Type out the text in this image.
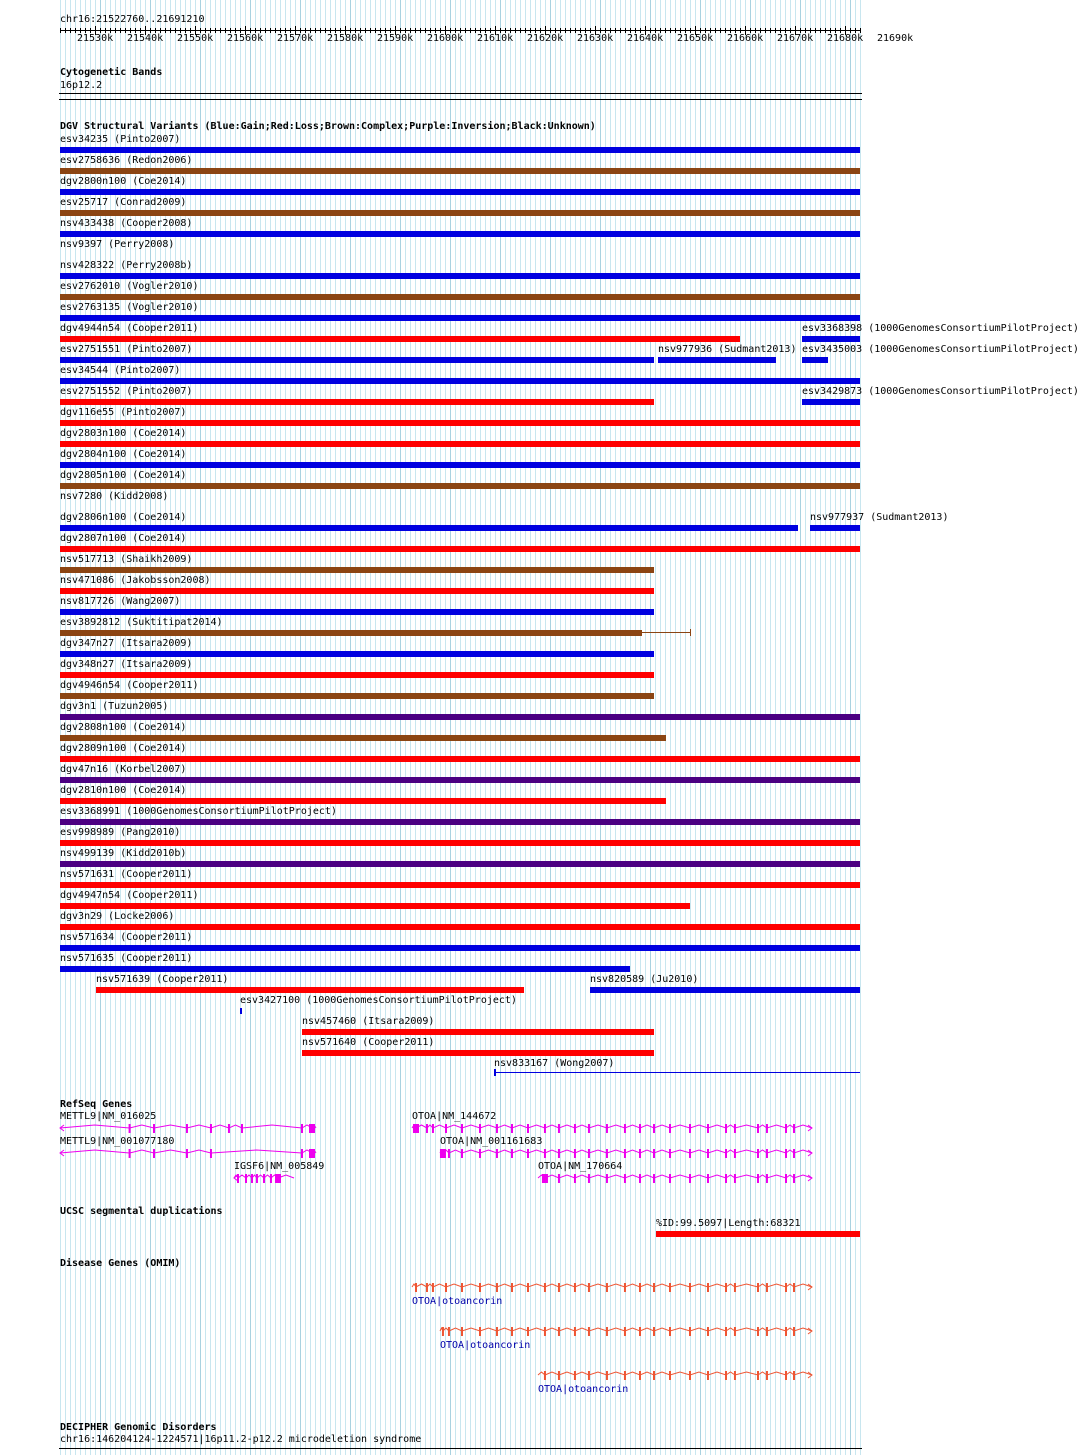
chr16:21522760..21691210
21530k 21540k 21550k 21560k 21570k 21580k 21590k 21600k 21610k 21620k 21630k 21640k 21650k 21660k 21670k 21680k 21690k
Cytogenetic Bands
16p12.2
DGV Structural Variants (Blue:Gain;Red:Loss;Brown:Complex;Purple:Inversion;Black:Unknown)
esv34235 (Pinto2007)
esv2758636 (Redon2006)
dgv2800n100 (Coe2014)
esv25717 (Conrad2009)
nsv433438 (Cooper2008)
nsv9397 (Perry2008)
nsv428322 (Perry2008b)
esv2762010 (Vogler2010)
esv2763135 (Vogler2010)
dgv4944n54 (Cooper2011)	esv3368398 (1000GenomesConsortiumPilotProject)
esv2751551 (Pinto2007)	nsv977936 (Sudmant2013) esv3435003 (1000GenomesConsortiumPilotProject)
esv34544 (Pinto2007)
esv2751552 (Pinto2007)	esv3429873 (1000GenomesConsortiumPilotProject)
dgv116e55 (Pinto2007)
dgv2803n100 (Coe2014)
dgv2804n100 (Coe2014)
dgv2805n100 (Coe2014)
nsv7280 (Kidd2008)
dgv2806n100 (Coe2014)	nsv977937 (Sudmant2013)
dgv2807n100 (Coe2014)
nsv517713 (Shaikh2009)
nsv471086 (Jakobsson2008)
nsv817726 (Wang2007)
esv3892812 (Suktitipat2014)
dgv347n27 (Itsara2009)
dgv348n27 (Itsara2009)
dgv4946n54 (Cooper2011)
dgv3n1 (Tuzun2005)
dgv2808n100 (Coe2014)
dgv2809n100 (Coe2014)
dgv47n16 (Korbel2007)
dgv2810n100 (Coe2014)
esv3368991 (1000GenomesConsortiumPilotProject)
esv998989 (Pang2010)
nsv499139 (Kidd2010b)
nsv571631 (Cooper2011)
dgv4947n54 (Cooper2011)
dgv3n29 (Locke2006)
nsv571634 (Cooper2011)
nsv571635 (Cooper2011)
nsv571639 (Cooper2011)	nsv820589 (Ju2010)
esv3427100 (1000GenomesConsortiumPilotProject)
nsv457460 (Itsara2009)
nsv571640 (Cooper2011)
nsv833167 (Wong2007)
RefSeq Genes
METTL9|NM_016025
METTL9|NM_001077180
IGSF6|NM_005849
OTOA|NM_144672
OTOA|NM_001161683
OTOA|NM_170664
UCSC segmental duplications
%ID:99.5097|Length:68321
Disease Genes (OMIM)
OTOA|otoancorin
OTOA|otoancorin
OTOA|otoancorin
DECIPHER Genomic Disorders
chr16:146204124-1224571|16p11.2-p12.2 microdeletion syndrome
